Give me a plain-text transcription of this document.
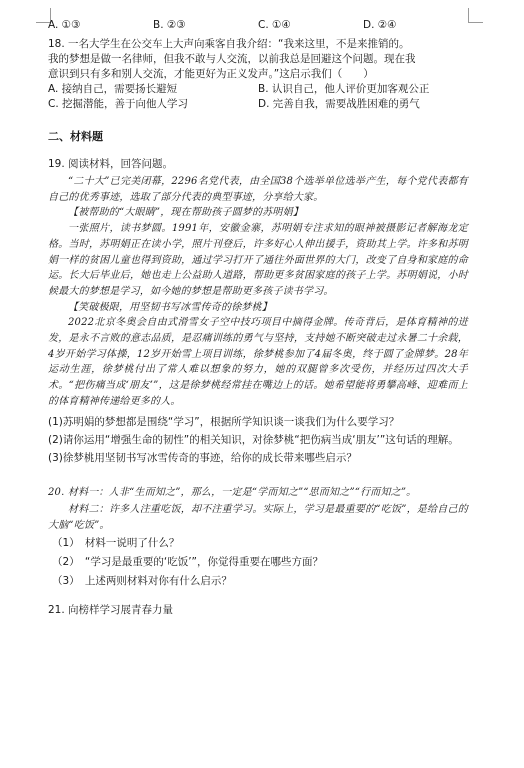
A. ①③	B. ②③	C. ①④	D. ②④
18. 一名大学生在公交车上大声向乘客自我介绍：“我来这里，不是来推销的。
我的梦想是做一名律师，但我不敢与人交流，以前我总是回避这个问题。现在我
意识到只有多和别人交流，才能更好为正义发声。”这启示我们（　　）
A. 接纳自己，需要扬长避短	B. 认识自己，他人评价更加客观公正
C. 挖掘潜能，善于向他人学习	D. 完善自我，需要战胜困难的勇气
二、材料题
19. 阅读材料，回答问题。
“二十大”已完美闭幕，2296名党代表，由全国38个选举单位选举产生，每个党代表都有自己的优秀事迹，选取了部分代表的典型事迹，分享给大家。
【被帮助的“大眼睛”，现在帮助孩子圆梦的苏明娟】
一张照片，读书梦圆。1991年，安徽金寨，苏明娟专注求知的眼神被摄影记者解海龙定格。当时，苏明娟正在读小学，照片刊登后，许多好心人伸出援手，资助其上学。许多和苏明娟一样的贫困儿童也得到资助，通过学习打开了通往外面世界的大门，改变了自身和家庭的命运。长大后毕业后，她也走上公益助人道路，帮助更多贫困家庭的孩子上学。苏明娟说，小时候最大的梦想是学习，如今她的梦想是帮助更多孩子读书学习。
【笑破极限，用坚韧书写冰雪传奇的徐梦桃】
2022北京冬奥会自由式滑雪女子空中技巧项目中摘得金牌。传奇背后，是体育精神的迸发，是永不言败的意志品质，是忍痛训练的勇气与坚持，支持她不断突破走过永暑二十余载，4岁开始学习体操，12岁开始雪上项目训练，徐梦桃参加了4届冬奥，终于圆了金牌梦。28年运动生涯，徐梦桃付出了常人难以想象的努力，她的双腿曾多次受伤，并经历过四次大手术。“把伤痛当成‘朋友’”，这是徐梦桃经常挂在嘴边上的话。她希望能将勇攀高峰、迎难而上的体育精神传递给更多的人。
(1)苏明娟的梦想都是围绕“学习”，根据所学知识谈一谈我们为什么要学习？
(2)请你运用“增强生命的韧性”的相关知识，对徐梦桃“把伤病当成‘朋友’”这句话的理解。
(3)徐梦桃用坚韧书写冰雪传奇的事迹，给你的成长带来哪些启示？
20. 材料一：人非“生而知之”，那么，一定是“学而知之”“思而知之”“行而知之”。
材料二：许多人注重吃饭，却不注重学习。实际上，学习是最重要的“吃饭”，是给自己的大脑“吃饭”。
（1）　材料一说明了什么？
（2）　“学习是最重要的‘吃饭’”，你觉得重要在哪些方面？
（3）　上述两则材料对你有什么启示？
21. 向榜样学习展青春力量
